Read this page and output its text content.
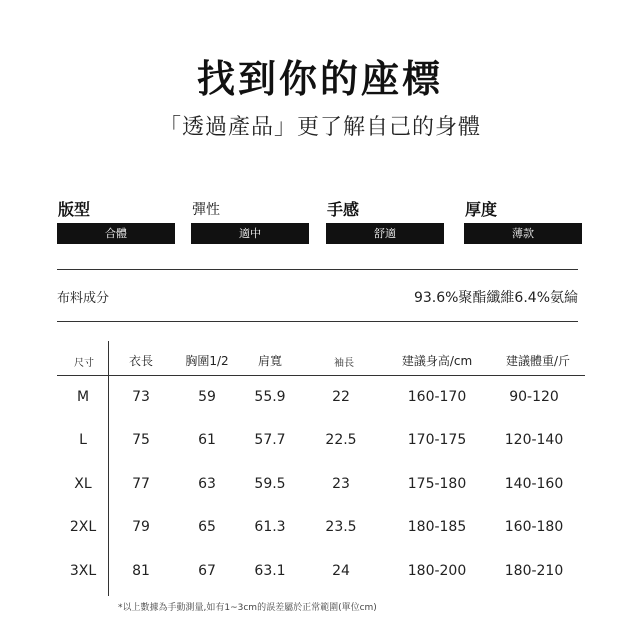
找到你的座標
「透過產品」更了解自己的身體
版型	彈性	手感	厚度
合體	適中	舒適	薄款
布料成分	93.6%聚酯纖維6.4%氨綸
尺寸	衣長	胸圍1/2	肩寬	袖長	建議身高/cm	建議體重/斤
M	73	59	55.9	22	160-170	90-120
L	75	61	57.7	22.5	170-175	120-140
XL	77	63	59.5	23	175-180	140-160
2XL	79	65	61.3	23.5	180-185	160-180
3XL	81	67	63.1	24	180-200	180-210
*以上數據為手動測量,如有1~3cm的誤差屬於正常範圍(單位cm)
